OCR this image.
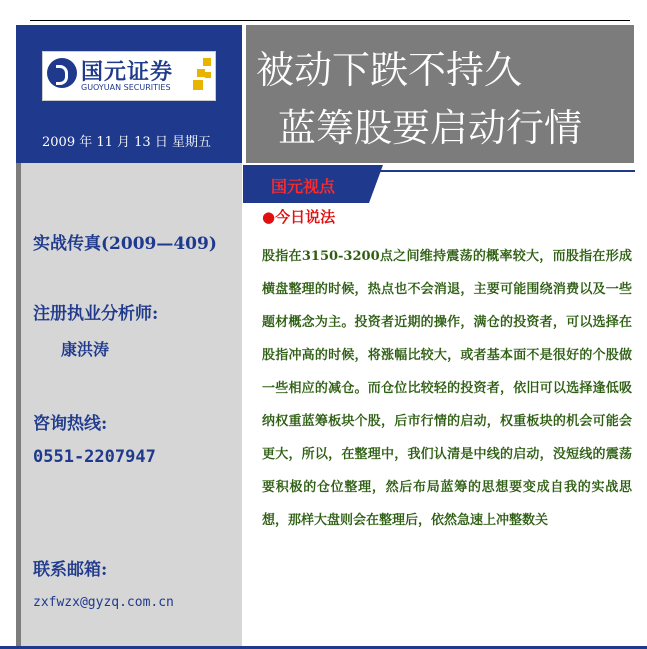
国元证券
GUOYUAN SECURITIES
2009 年 11 月 13 日 星期五
被动下跌不持久
蓝筹股要启动行情
实战传真(2009—409)
注册执业分析师:
康洪涛
咨询热线:
0551-2207947
联系邮箱:
zxfwzx@gyzq.com.cn
国元视点
●今日说法
股指在3150-3200点之间维持震荡的概率较大，而股指在形成横盘整理的时候，热点也不会消退，主要可能围绕消费以及一些题材概念为主。投资者近期的操作，满仓的投资者，可以选择在股指冲高的时候，将涨幅比较大，或者基本面不是很好的个股做一些相应的减仓。而仓位比较轻的投资者，依旧可以选择逢低吸纳权重蓝筹板块个股，后市行情的启动，权重板块的机会可能会更大，所以，在整理中，我们认清是中线的启动，没短线的震荡要积极的仓位整理，然后布局蓝筹的思想要变成自我的实战思想，那样大盘则会在整理后，依然急速上冲整数关
